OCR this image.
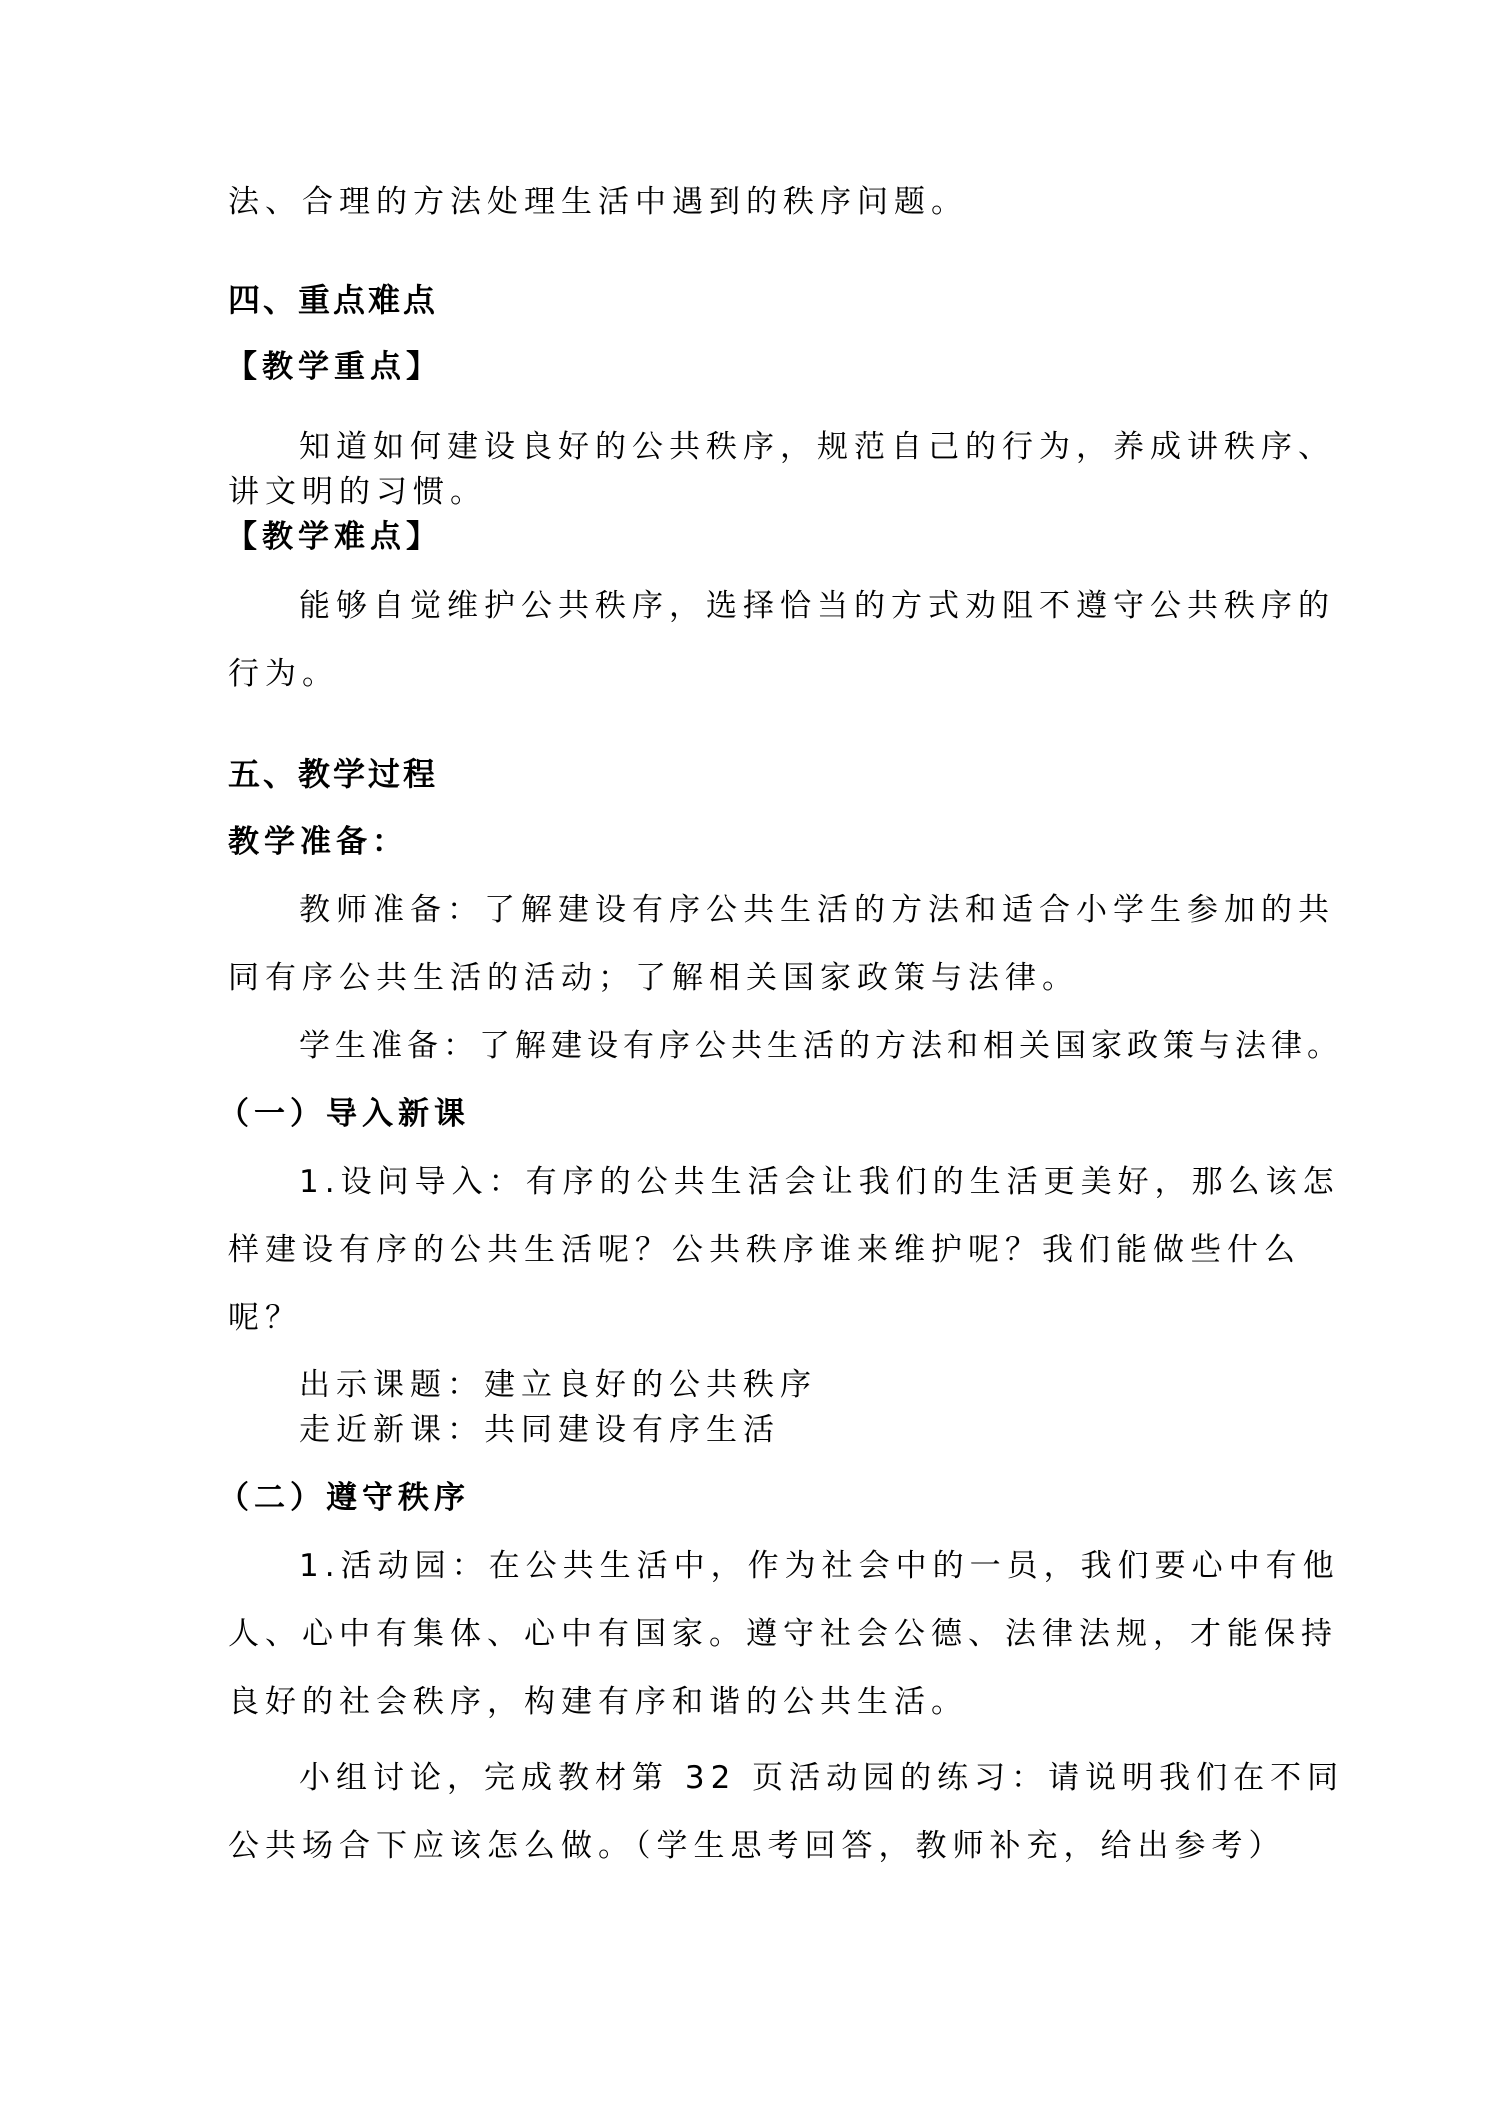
法、合理的方法处理生活中遇到的秩序问题。
四、重点难点
【教学重点】
知道如何建设良好的公共秩序，规范自己的行为，养成讲秩序、
讲文明的习惯。
【教学难点】
能够自觉维护公共秩序，选择恰当的方式劝阻不遵守公共秩序的
行为。
五、教学过程
教学准备：
教师准备：了解建设有序公共生活的方法和适合小学生参加的共
同有序公共生活的活动；了解相关国家政策与法律。
学生准备：了解建设有序公共生活的方法和相关国家政策与法律。
（一）导入新课
1.设问导入：有序的公共生活会让我们的生活更美好，那么该怎
样建设有序的公共生活呢？公共秩序谁来维护呢？我们能做些什么
呢？
出示课题：建立良好的公共秩序
走近新课：共同建设有序生活
（二）遵守秩序
1.活动园：在公共生活中，作为社会中的一员，我们要心中有他
人、心中有集体、心中有国家。遵守社会公德、法律法规，才能保持
良好的社会秩序，构建有序和谐的公共生活。
小组讨论，完成教材第 32 页活动园的练习：请说明我们在不同
公共场合下应该怎么做。（学生思考回答，教师补充，给出参考）
